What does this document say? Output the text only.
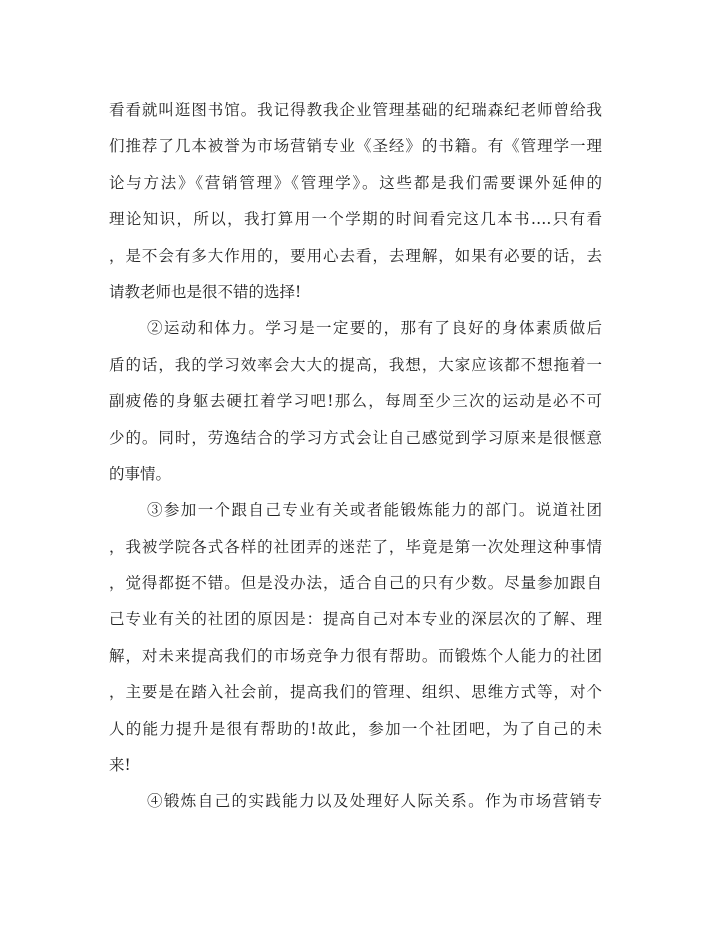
看看就叫逛图书馆。我记得教我企业管理基础的纪瑞森纪老师曾给我
们推荐了几本被誉为市场营销专业《圣经》的书籍。有《管理学一理
论与方法》《营销管理》《管理学》。这些都是我们需要课外延伸的
理论知识，所以，我打算用一个学期的时间看完这几本书….只有看
，是不会有多大作用的，要用心去看，去理解，如果有必要的话，去
请教老师也是很不错的选择!
②运动和体力。学习是一定要的，那有了良好的身体素质做后
盾的话，我的学习效率会大大的提高，我想，大家应该都不想拖着一
副疲倦的身躯去硬扛着学习吧!那么，每周至少三次的运动是必不可
少的。同时，劳逸结合的学习方式会让自己感觉到学习原来是很惬意
的事情。
③参加一个跟自己专业有关或者能锻炼能力的部门。说道社团
，我被学院各式各样的社团弄的迷茫了，毕竟是第一次处理这种事情
，觉得都挺不错。但是没办法，适合自己的只有少数。尽量参加跟自
己专业有关的社团的原因是：提高自己对本专业的深层次的了解、理
解，对未来提高我们的市场竞争力很有帮助。而锻炼个人能力的社团
，主要是在踏入社会前，提高我们的管理、组织、思维方式等，对个
人的能力提升是很有帮助的!故此，参加一个社团吧，为了自己的未
来!
④锻炼自己的实践能力以及处理好人际关系。作为市场营销专
